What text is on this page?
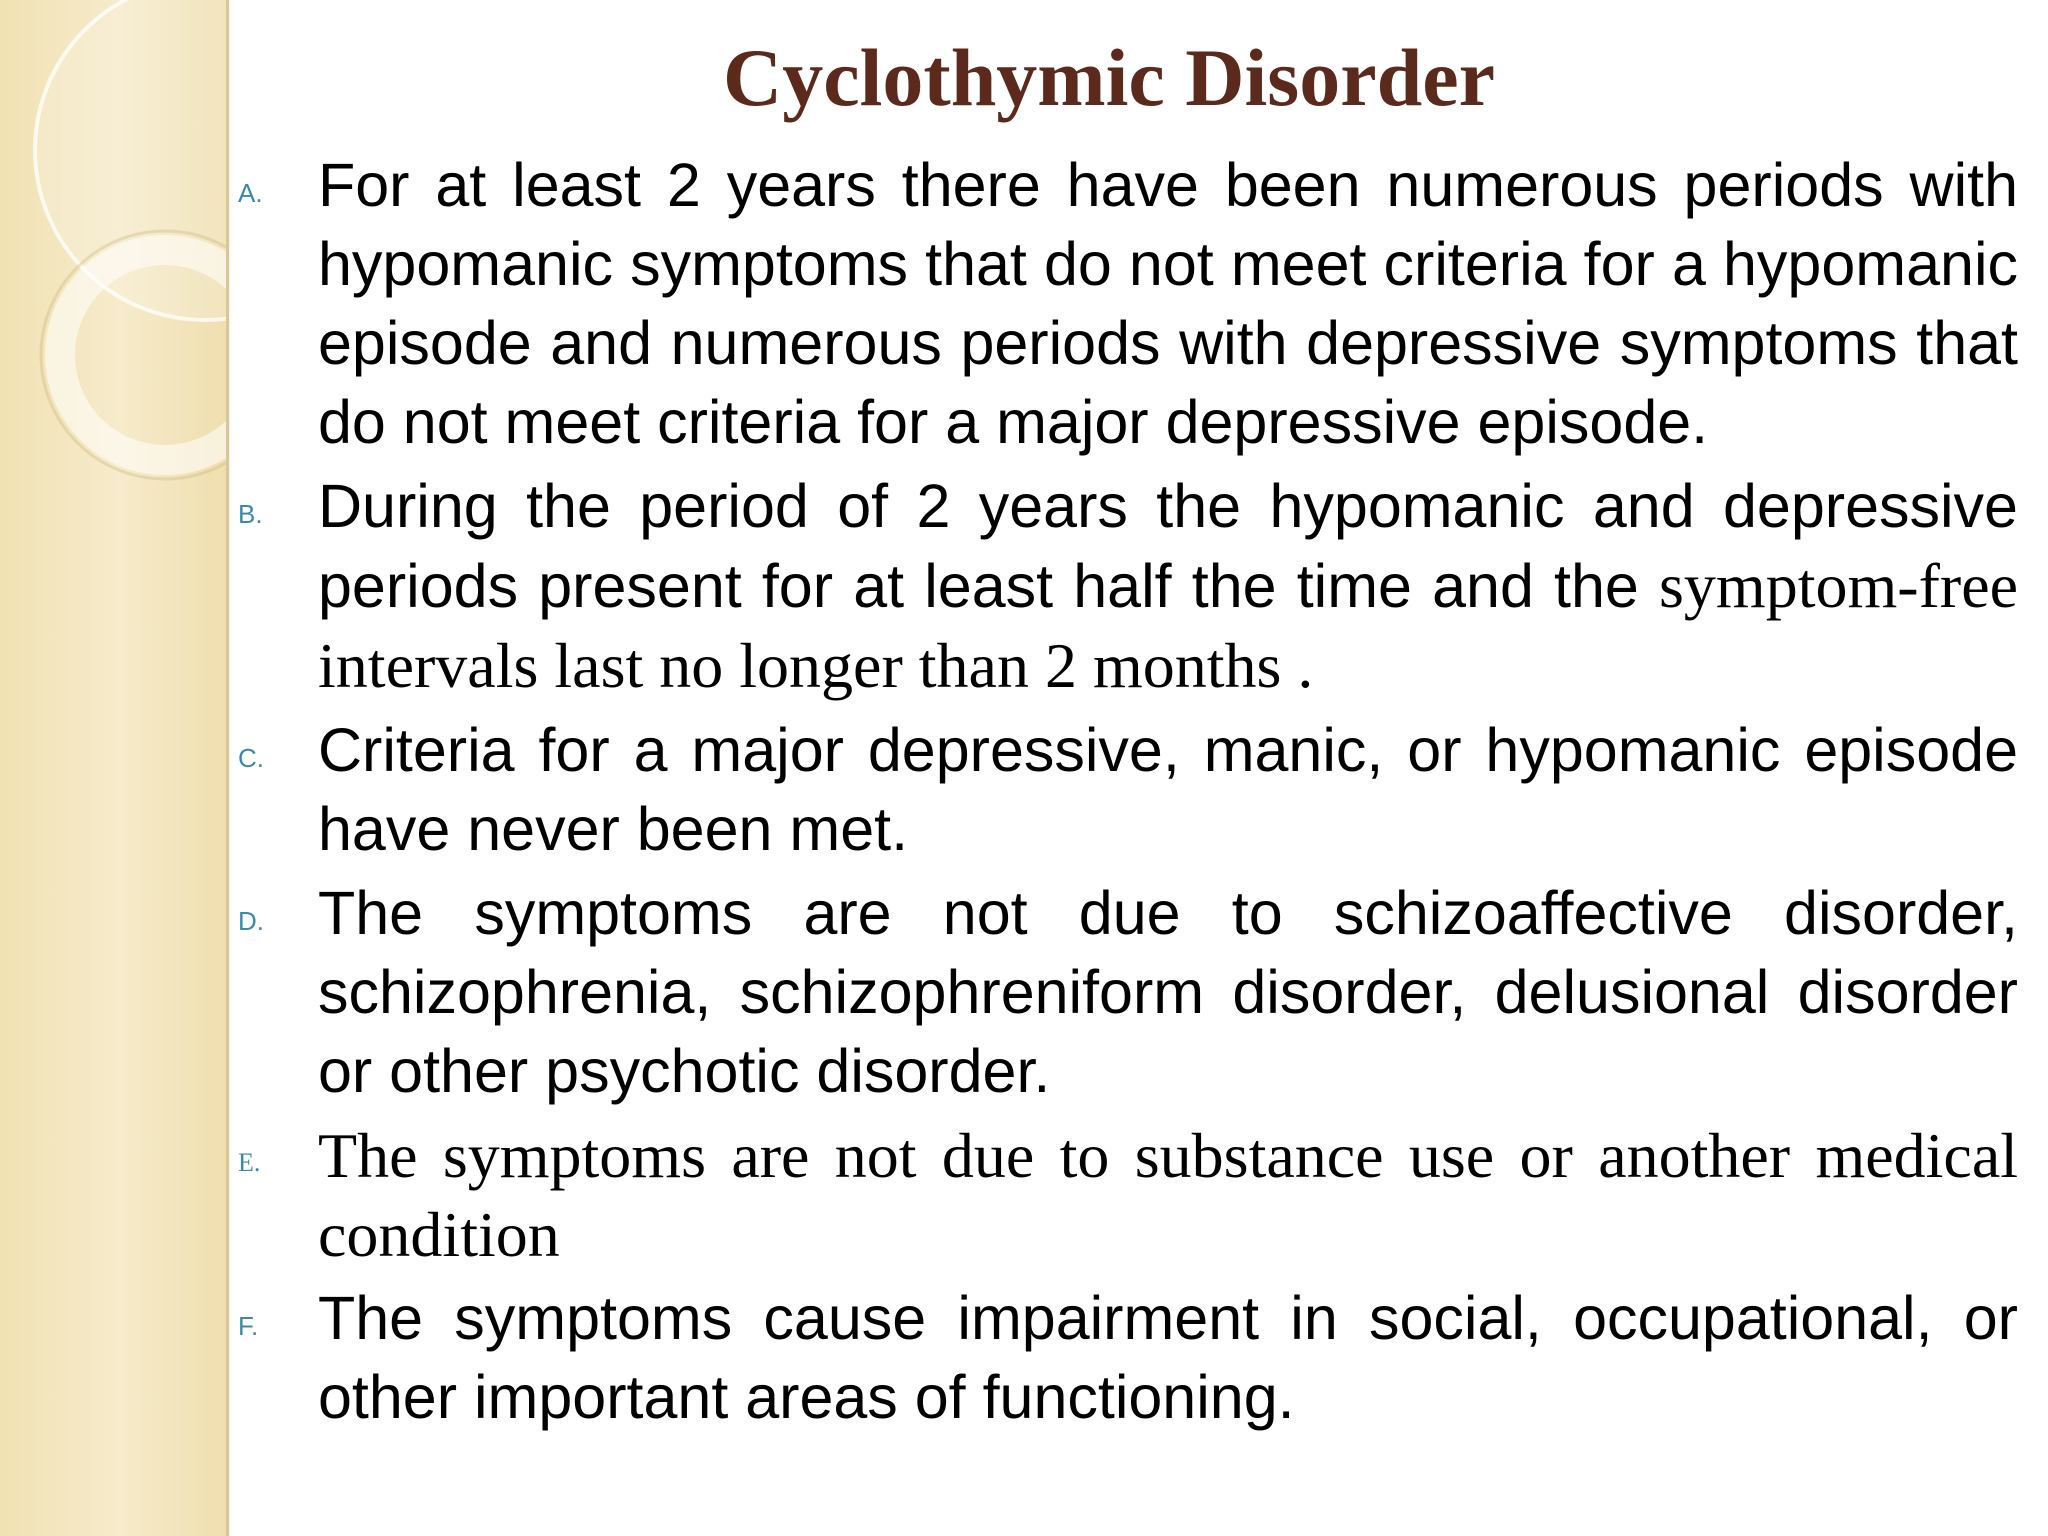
Cyclothymic Disorder
A. For at least 2 years there have been numerous periods with hypomanic symptoms that do not meet criteria for a hypomanic episode and numerous periods with depressive symptoms that do not meet criteria for a major depressive episode.
B. During the period of 2 years the hypomanic and depressive periods present for at least half the time and the symptom-free intervals last no longer than 2 months .
C. Criteria for a major depressive, manic, or hypomanic episode have never been met.
D. The symptoms are not due to schizoaffective disorder, schizophrenia, schizophreniform disorder, delusional disorder or other psychotic disorder.
E. The symptoms are not due to substance use or another medical condition
F. The symptoms cause impairment in social, occupational, or other important areas of functioning.
